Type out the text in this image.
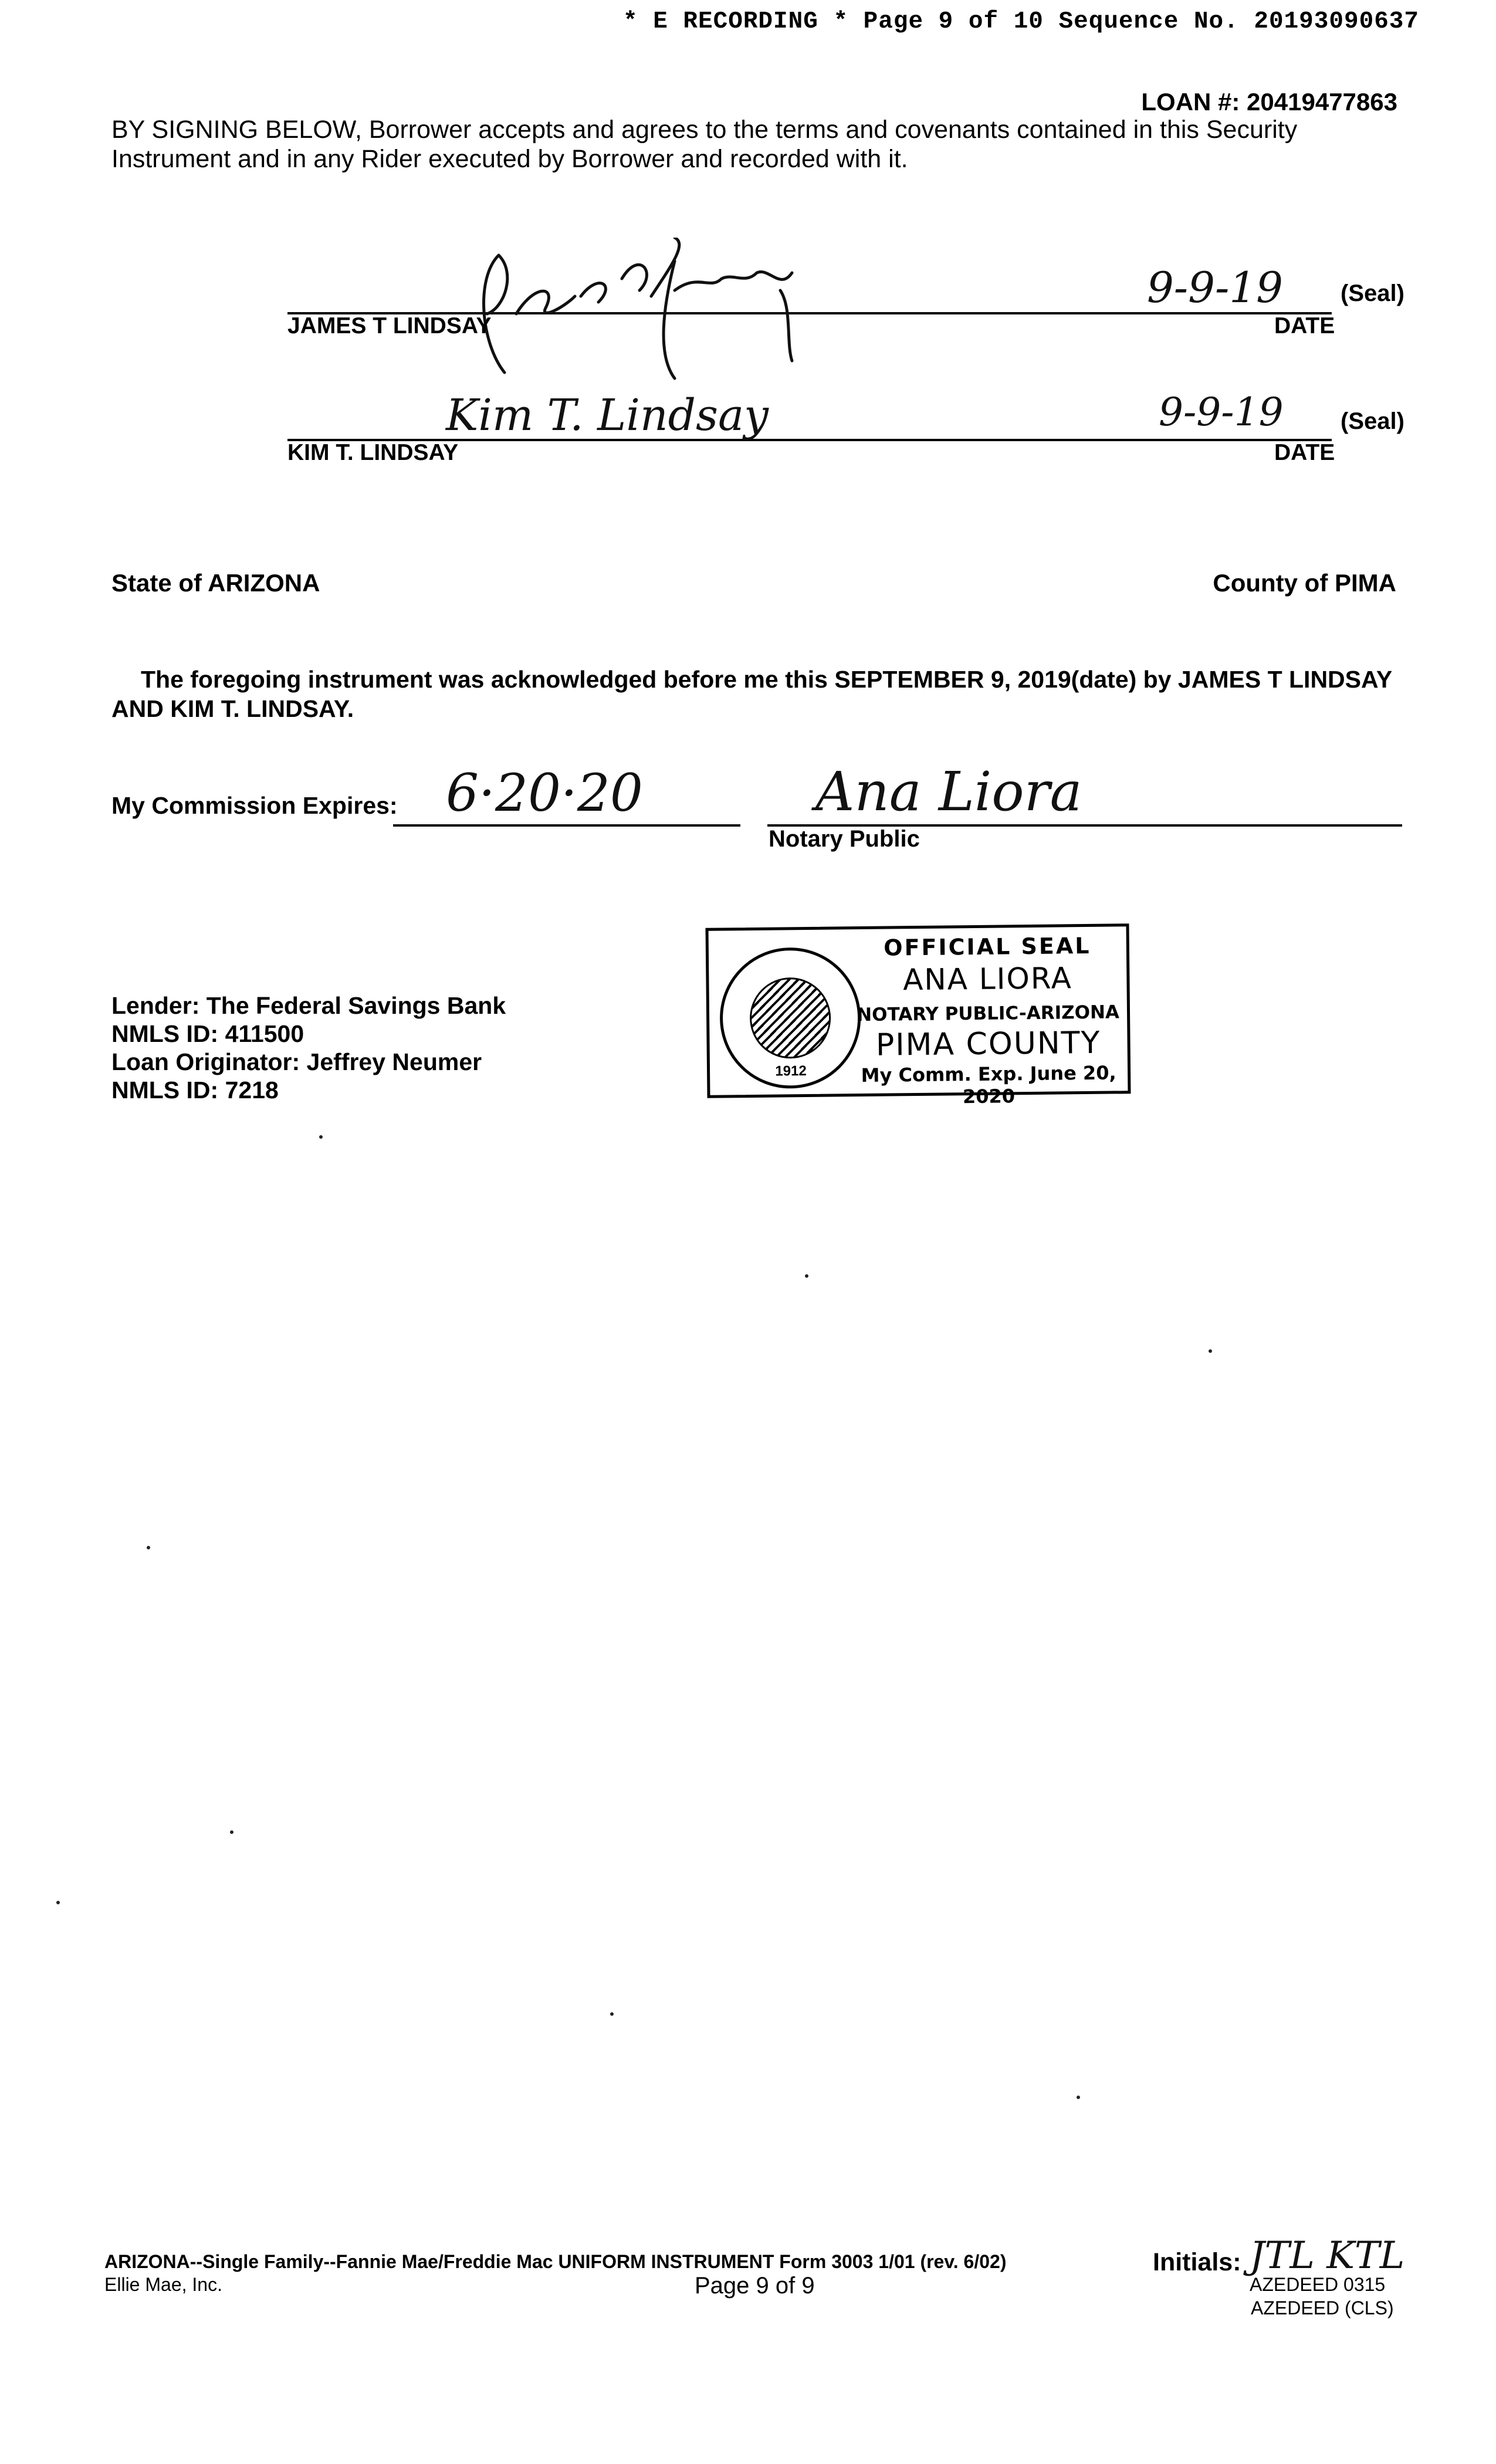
* E RECORDING * Page 9 of 10 Sequence No. 20193090637
LOAN #: 20419477863
BY SIGNING BELOW, Borrower accepts and agrees to the terms and covenants contained in this Security Instrument and in any Rider executed by Borrower and recorded with it.
9-9-19 (Seal)
JAMES T LINDSAY	DATE
Kim T. Lindsay	9-9-19 (Seal)
KIM T. LINDSAY	DATE
State of ARIZONA	County of PIMA
The foregoing instrument was acknowledged before me this SEPTEMBER 9, 2019(date) by JAMES T LINDSAY AND KIM T. LINDSAY.
My Commission Expires: 6·20·20	Ana Liora
Notary Public
Lender: The Federal Savings Bank
NMLS ID: 411500
Loan Originator: Jeffrey Neumer
NMLS ID: 7218
1912
OFFICIAL SEAL
ANA LIORA
NOTARY PUBLIC-ARIZONA
PIMA COUNTY
My Comm. Exp. June 20, 2020
ARIZONA--Single Family--Fannie Mae/Freddie Mac UNIFORM INSTRUMENT Form 3003 1/01 (rev. 6/02)
Ellie Mae, Inc.	Page 9 of 9
Initials: JTL KTL
AZEDEED 0315
AZEDEED (CLS)
